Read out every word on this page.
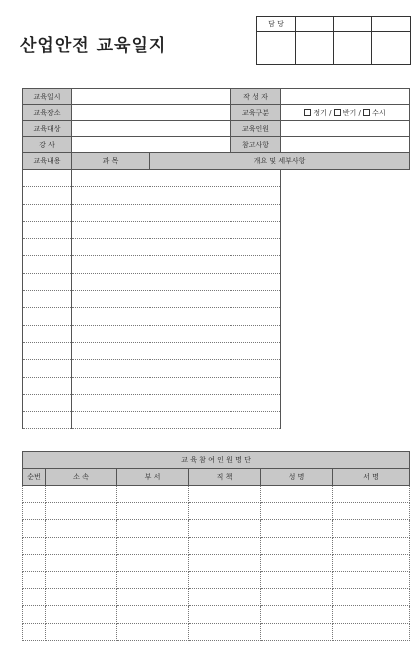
산업안전 교육일지
담 당			

교육일시			작 성 자	
교육장소			교육구분	정기 / 반기 / 수시
교육대상			교육인원	
강 사			참고사항	
교육내용	과 목	개요 및 세부사항		

교 육 참 여 인 원 명 단					
순번	소 속	부 서	직 책	성 명	서 명
